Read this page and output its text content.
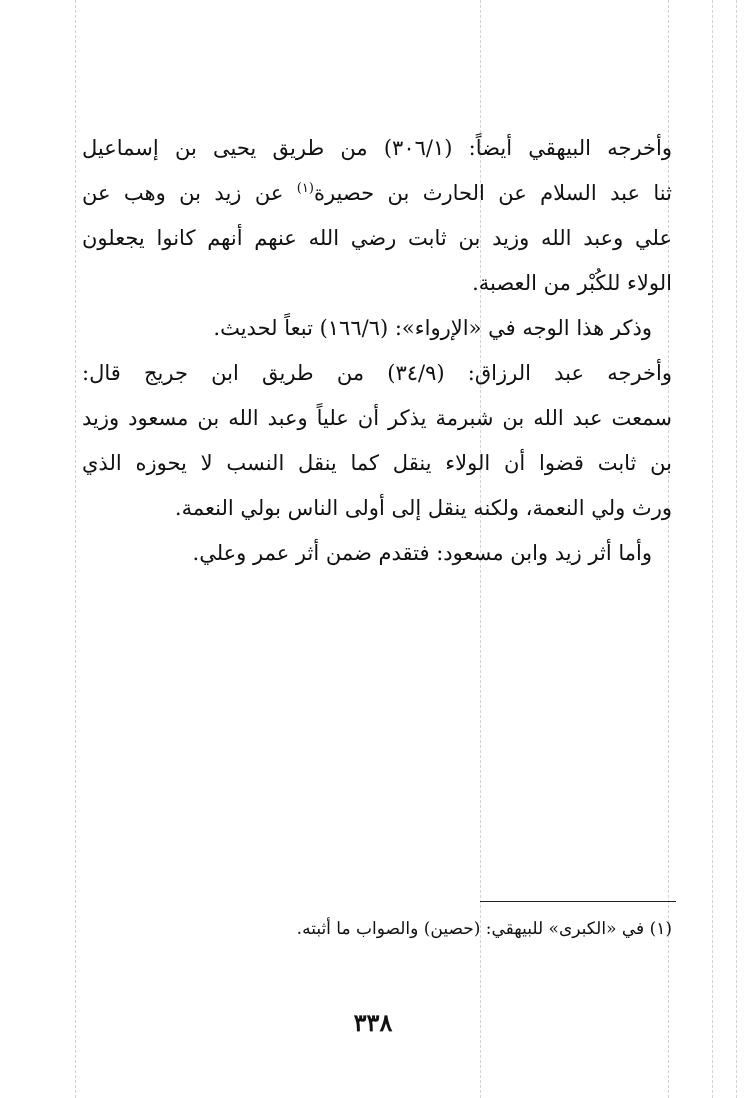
وأخرجه البيهقي أيضاً: (٣٠٦/١) من طريق يحيى بن إسماعيل
ثنا عبد السلام عن الحارث بن حصيرة$^{(١)}$ عن زيد بن وهب عن
علي وعبد الله وزيد بن ثابت رضي الله عنهم أنهم كانوا يجعلون
الولاء للكُبْر من العصبة.
وذكر هذا الوجه في «الإرواء»: (١٦٦/٦) تبعاً لحديث.
وأخرجه عبد الرزاق: (٣٤/٩) من طريق ابن جريج قال:
سمعت عبد الله بن شبرمة يذكر أن علياً وعبد الله بن مسعود وزيد
بن ثابت قضوا أن الولاء ينقل كما ينقل النسب لا يحوزه الذي
ورث ولي النعمة، ولكنه ينقل إلى أولى الناس بولي النعمة.
وأما أثر زيد وابن مسعود: فتقدم ضمن أثر عمر وعلي.
(١) في «الكبرى» للبيهقي: (حصين) والصواب ما أثبته.
٣٣٨
